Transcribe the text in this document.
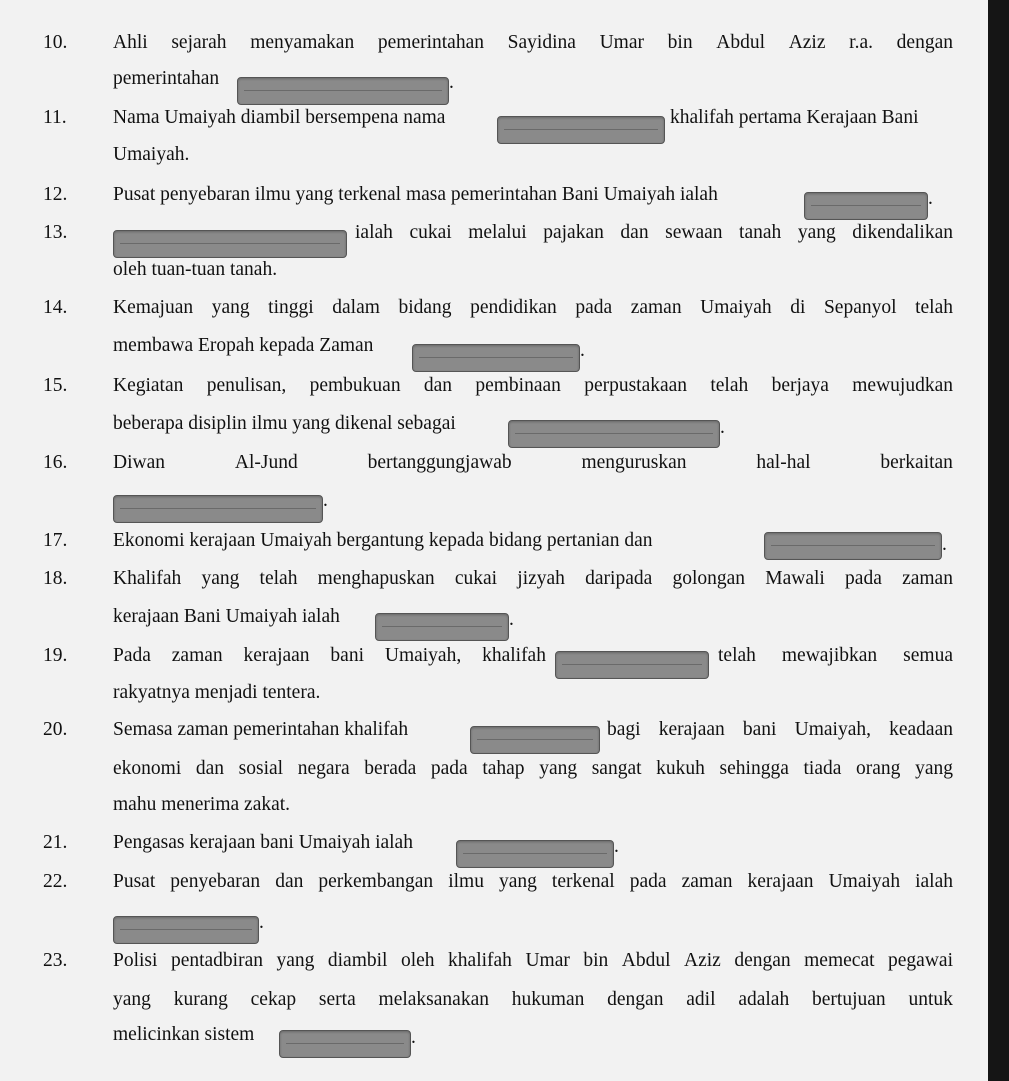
10. Ahli sejarah menyamakan pemerintahan Sayidina Umar bin Abdul Aziz r.a. dengan
pemerintahan	.
11. Nama Umaiyah diambil bersempena nama	khalifah pertama Kerajaan Bani
Umaiyah.
12. Pusat penyebaran ilmu yang terkenal masa pemerintahan Bani Umaiyah ialah	.
13.	ialah cukai melalui pajakan dan sewaan tanah yang dikendalikan
oleh tuan-tuan tanah.
14. Kemajuan yang tinggi dalam bidang pendidikan pada zaman Umaiyah di Sepanyol telah
membawa Eropah kepada Zaman	.
15. Kegiatan penulisan, pembukuan dan pembinaan perpustakaan telah berjaya mewujudkan
beberapa disiplin ilmu yang dikenal sebagai	.
16. Diwan	Al-Jund	bertanggungjawab	menguruskan	hal-hal	berkaitan
.
17. Ekonomi kerajaan Umaiyah bergantung kepada bidang pertanian dan	.
18. Khalifah yang telah menghapuskan cukai jizyah daripada golongan Mawali pada zaman
kerajaan Bani Umaiyah ialah	.
19. Pada zaman kerajaan bani Umaiyah, khalifah	telah mewajibkan semua
rakyatnya menjadi tentera.
20. Semasa zaman pemerintahan khalifah	bagi kerajaan bani Umaiyah, keadaan
ekonomi dan sosial negara berada pada tahap yang sangat kukuh sehingga tiada orang yang
mahu menerima zakat.
21. Pengasas kerajaan bani Umaiyah ialah	.
22. Pusat penyebaran dan perkembangan ilmu yang terkenal pada zaman kerajaan Umaiyah ialah
.
23. Polisi pentadbiran yang diambil oleh khalifah Umar bin Abdul Aziz dengan memecat pegawai
yang kurang cekap serta melaksanakan hukuman dengan adil adalah bertujuan untuk
melicinkan sistem	.
